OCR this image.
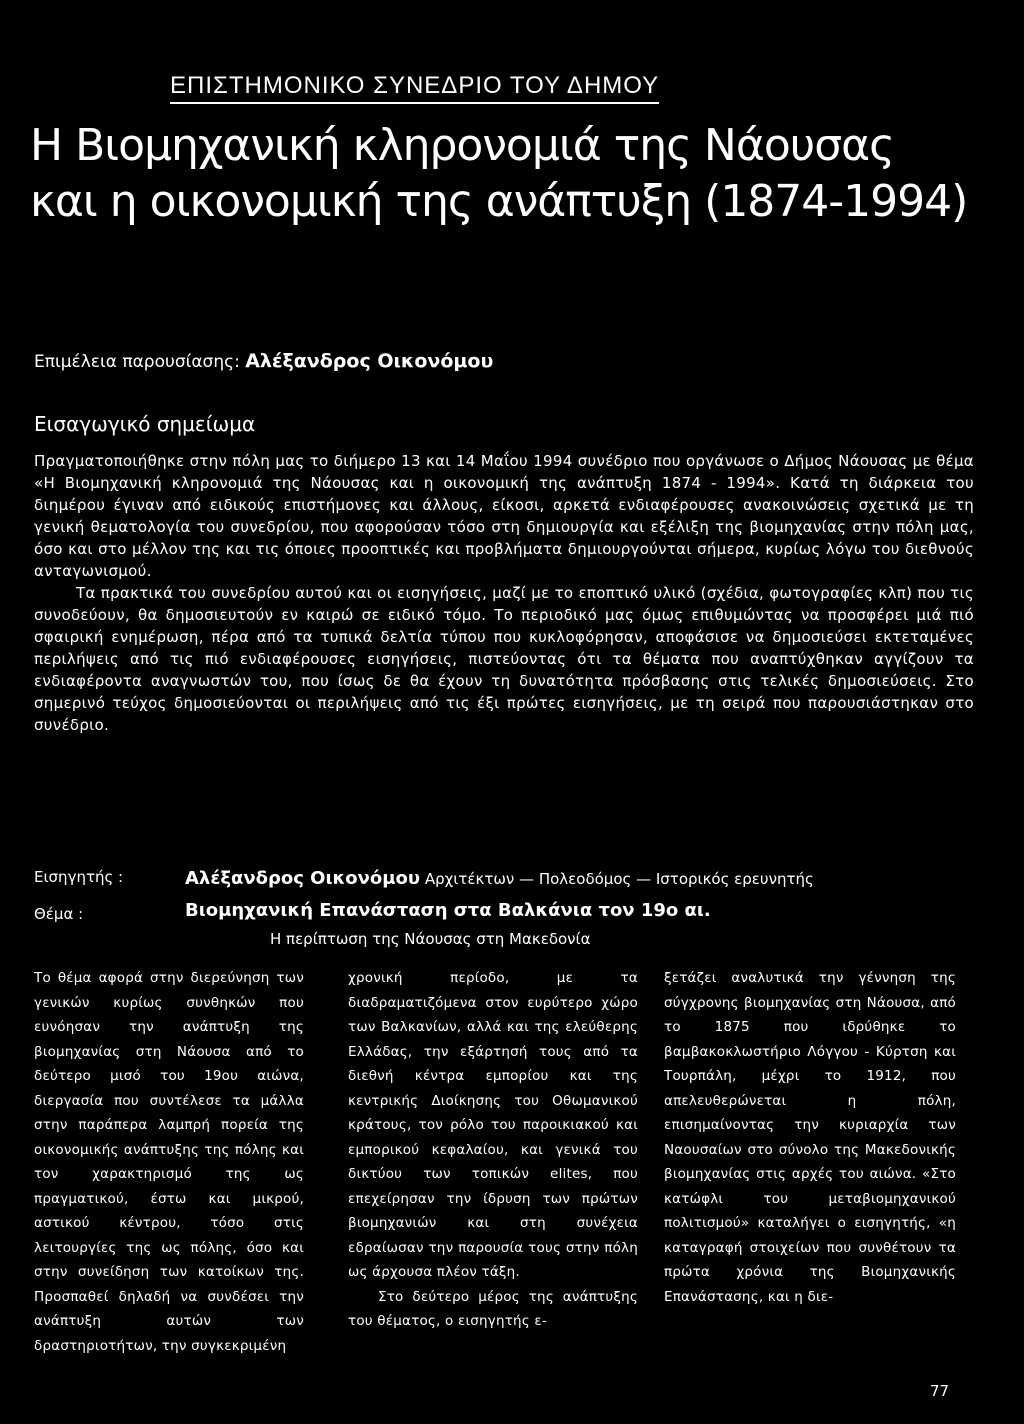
ΕΠΙΣΤΗΜΟΝΙΚΟ ΣΥΝΕΔΡΙΟ ΤΟΥ ΔΗΜΟΥ
Η Βιομηχανική κληρονομιά της Νάουσας
και η οικονομική της ανάπτυξη (1874-1994)
Επιμέλεια παρουσίασης: Αλέξανδρος Οικονόμου
Εισαγωγικό σημείωμα

Πραγματοποιήθηκε στην πόλη μας το διήμερο 13 και 14 Μαΐου 1994 συνέδριο που οργάνωσε ο Δήμος Νάουσας με θέμα «Η Βιομηχανική κληρονομιά της Νάουσας και η οικονομική της ανάπτυξη 1874 - 1994». Κατά τη διάρκεια του διημέρου έγιναν από ειδικούς επιστήμονες και άλλους, είκοσι, αρκετά ενδιαφέρουσες ανακοινώσεις σχετικά με τη γενική θεματολογία του συνεδρίου, που αφορούσαν τόσο στη δημιουργία και εξέλιξη της βιομηχανίας στην πόλη μας, όσο και στο μέλλον της και τις όποιες προοπτικές και προβλήματα δημιουργούνται σήμερα, κυρίως λόγω του διεθνούς ανταγωνισμού.

Τα πρακτικά του συνεδρίου αυτού και οι εισηγήσεις, μαζί με το εποπτικό υλικό (σχέδια, φωτογραφίες κλπ) που τις συνοδεύουν, θα δημοσιευτούν εν καιρώ σε ειδικό τόμο. Το περιοδικό μας όμως επιθυμώντας να προσφέρει μιά πιό σφαιρική ενημέρωση, πέρα από τα τυπικά δελτία τύπου που κυκλοφόρησαν, αποφάσισε να δημοσιεύσει εκτεταμένες περιλήψεις από τις πιό ενδιαφέρουσες εισηγήσεις, πιστεύοντας ότι τα θέματα που αναπτύχθηκαν αγγίζουν τα ενδιαφέροντα αναγνωστών του, που ίσως δε θα έχουν τη δυνατότητα πρόσβασης στις τελικές δημοσιεύσεις. Στο σημερινό τεύχος δημοσιεύονται οι περιλήψεις από τις έξι πρώτες εισηγήσεις, με τη σειρά που παρουσιάστηκαν στο συνέδριο.

Εισηγητής :	Αλέξανδρος Οικονόμου Αρχιτέκτων — Πολεοδόμος — Ιστορικός ερευνητής
Θέμα :	Βιομηχανική Επανάσταση στα Βαλκάνια τον 19ο αι.
Η περίπτωση της Νάουσας στη Μακεδονία

Το θέμα αφορά στην διερεύνηση των γενικών κυρίως συνθηκών που ευνόησαν την ανάπτυξη της βιομηχανίας στη Νάουσα από το δεύτερο μισό του 19ου αιώνα, διεργασία που συντέλεσε τα μάλλα στην παράπερα λαμπρή πορεία της οικονομικής ανάπτυξης της πόλης και τον χαρακτηρισμό της ως πραγματικού, έστω και μικρού, αστικού κέντρου, τόσο στις λειτουργίες της ως πόλης, όσο και στην συνείδηση των κατοίκων της. Προσπαθεί δηλαδή να συνδέσει την ανάπτυξη αυτών των δραστηριοτήτων, την συγκεκριμένη

χρονική περίοδο, με τα διαδραματιζόμενα στον ευρύτερο χώρο των Βαλκανίων, αλλά και της ελεύθερης Ελλάδας, την εξάρτησή τους από τα διεθνή κέντρα εμπορίου και της κεντρικής Διοίκησης του Οθωμανικού κράτους, τον ρόλο του παροικιακού και εμπορικού κεφαλαίου, και γενικά του δικτύου των τοπικών elites, που επεχείρησαν την ίδρυση των πρώτων βιομηχανιών και στη συνέχεια εδραίωσαν την παρουσία τους στην πόλη ως άρχουσα πλέον τάξη.

Στο δεύτερο μέρος της ανάπτυξης του θέματος, ο εισηγητής ε-

ξετάζει αναλυτικά την γέννηση της σύγχρονης βιομηχανίας στη Νάουσα, από το 1875 που ιδρύθηκε το βαμβακοκλωστήριο Λόγγου - Κύρτση και Τουρπάλη, μέχρι το 1912, που απελευθερώνεται η πόλη, επισημαίνοντας την κυριαρχία των Ναουσαίων στο σύνολο της Μακεδονικής βιομηχανίας στις αρχές του αιώνα. «Στο κατώφλι του μεταβιομηχανικού πολιτισμού» καταλήγει ο εισηγητής, «η καταγραφή στοιχείων που συνθέτουν τα πρώτα χρόνια της Βιομηχανικής Επανάστασης, και η διε-

77
